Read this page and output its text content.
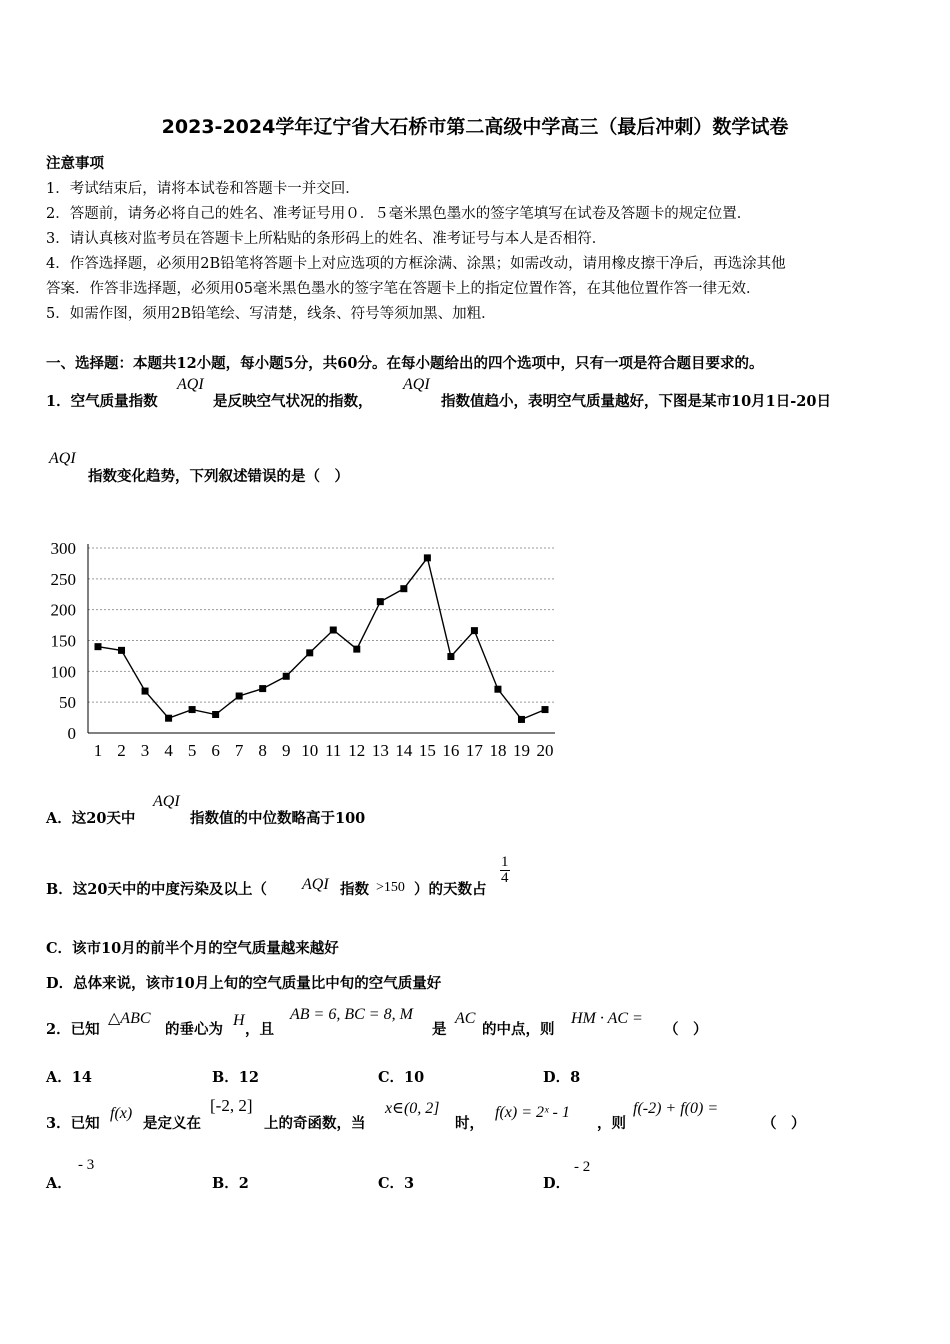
2023-2024学年辽宁省大石桥市第二高级中学高三（最后冲刺）数学试卷
注意事项
1．考试结束后，请将本试卷和答题卡一并交回．
2．答题前，请务必将自己的姓名、准考证号用０．５毫米黑色墨水的签字笔填写在试卷及答题卡的规定位置．
3．请认真核对监考员在答题卡上所粘贴的条形码上的姓名、准考证号与本人是否相符．
4．作答选择题，必须用2B铅笔将答题卡上对应选项的方框涂满、涂黑；如需改动，请用橡皮擦干净后，再选涂其他
答案．作答非选择题，必须用05毫米黑色墨水的签字笔在答题卡上的指定位置作答，在其他位置作答一律无效．
5．如需作图，须用2B铅笔绘、写清楚，线条、符号等须加黑、加粗．
一、选择题：本题共12小题，每小题5分，共60分。在每小题给出的四个选项中，只有一项是符合题目要求的。
1．空气质量指数
AQI
是反映空气状况的指数，
AQI
指数值趋小，表明空气质量越好，下图是某市10月1日-20日
AQI
指数变化趋势，下列叙述错误的是（　）
0
50
100
150
200
250
300
1 2 3 4 5 6 7 8 9 10 11 12 13 14 15 16 17 18 19 20
A．这20天中
AQI
指数值的中位数略高于100
B．这20天中的中度污染及以上（ AQI 指数 >150 ）的天数占
$\frac{1}{4}$
C．该市10月的前半个月的空气质量越来越好
D．总体来说，该市10月上旬的空气质量比中旬的空气质量好
2．已知
△ABC
的垂心为
H
，且
AB = 6, BC = 8, M
是
AC
的中点，则
HM · AC =
（　）
A．14	B．12	C．10	D．8
3．已知
f(x)
是定义在
[-2, 2]
上的奇函数，当
x∈(0, 2]
时，
f(x) = 2ˣ - 1
，则
f(-2) + f(0) =
（　）
A．
- 3
B．2	C．3	D．
- 2
